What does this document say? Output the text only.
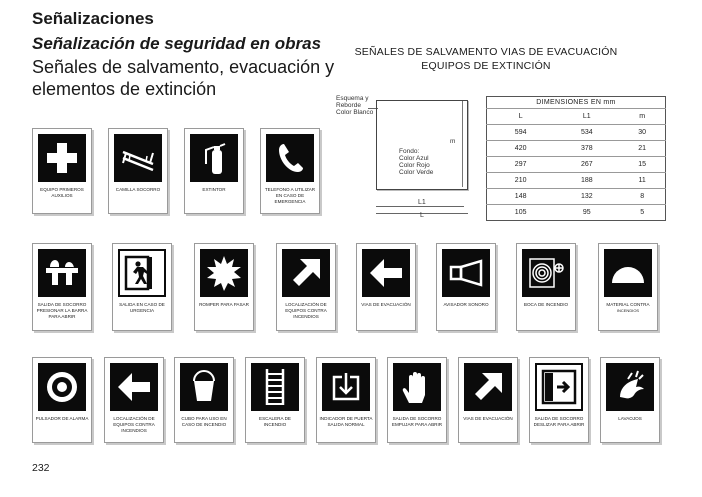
Señalizaciones
Señalización de seguridad en obras
Señales de salvamento, evacuación y
elementos de extinción
SEÑALES DE SALVAMENTO VIAS DE EVACUACIÓN
EQUIPOS DE EXTINCIÓN
Esquema y
Reborde
Color Blanco
m
Fondo:
Color Azul
Color Rojo
Color Verde
L1
L
DIMENSIONES EN mm		
L	L1	m
594	534	30
420	378	21
297	267	15
210	188	11
148	132	8
105	95	5
EQUIPO PRIMEROS AUXILIOS
CAMILLA SOCORRO	EXTINTOR	TELEFONO A UTILIZAR EN CASO DE EMERGENCIA
SALIDA DE SOCORRO PRESIONAR LA BARRA PARA ABRIR
SALIDA EN CASO DE URGENCIA
ROMPER PARA PASAR	LOCALIZACIÓN DE EQUIPOS CONTRA INCENDIOS
VIAS DE EVACUACIÓN	AVISADOR SONORO	BOCA DE INCENDIO	MATERIAL CONTRA
INCENDIOS
PULSADOR DE ALARMA	LOCALIZACIÓN DE EQUIPOS CONTRA INCENDIOS
CUBO PARA USO EN CASO DE INCENDIO
ESCALERA DE INCENDIO
INDICADOR DE PUERTA SALIDA NORMAL
SALIDA DE SOCORRO EMPUJAR PARA ABRIR
VIAS DE EVACUACIÓN	SALIDA DE SOCORRO DESLIZAR PARA ABRIR
LAVAOJOS
232
